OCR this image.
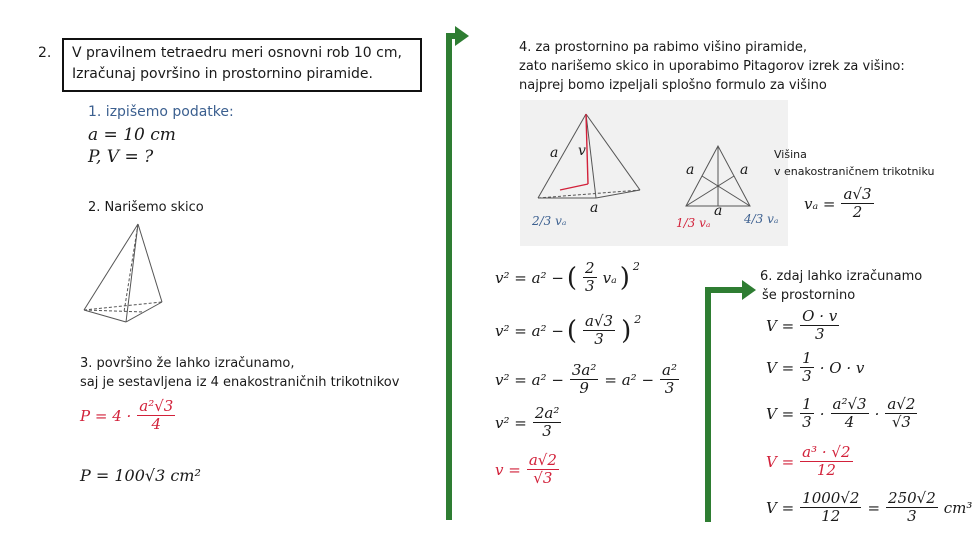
2. V pravilnem tetraedru meri osnovni rob 10 cm,
Izračunaj površino in prostornino piramide.
1. izpišemo podatke:
a = 10 cm
P, V = ?
2. Narišemo skico
3. površino že lahko izračunamo,
saj je sestavljena iz 4 enakostraničnih trikotnikov
$P = 4 \cdot \frac{\text{a²√3}}{4}$
P = 100√3 cm²
4. za prostornino pa rabimo višino piramide,
zato narišemo skico in uporabimo Pitagorov izrek za višino:
najprej bomo izpeljali splošno formulo za višino
a v
a
2/3 vₐ
a	a
a
1/3 vₐ	4/3 vₐ
Višina
v enakostraničnem trikotniku
$v_a = \frac{a√3}{2}$
v² = a² − ( $\frac{2}{3}$ vₐ ) $^2$
v² = a² − ( $\frac{a√3}{3}$ ) $^2$
$v^2 = a^2 - \frac{\text{3a²}}{9} = a^2 - \frac{\text{a²}}{3}$
$v^2 = \frac{\text{2a²}}{3}$
$v = \frac{a√2}{√3}$
6. zdaj lahko izračunamo
še prostornino
$V = \frac{O \cdot v}{3}$
$V = \frac{1}{3} \cdot O \cdot v$
$V = \frac{1}{3} \cdot \frac{\text{a²√3}}{4} \cdot \frac{a√2}{√3}$
$V = \frac{\text{a³ · √2}}{12}$
$V = \frac{1000√2}{12} = \frac{250√2}{3} cm^3$
